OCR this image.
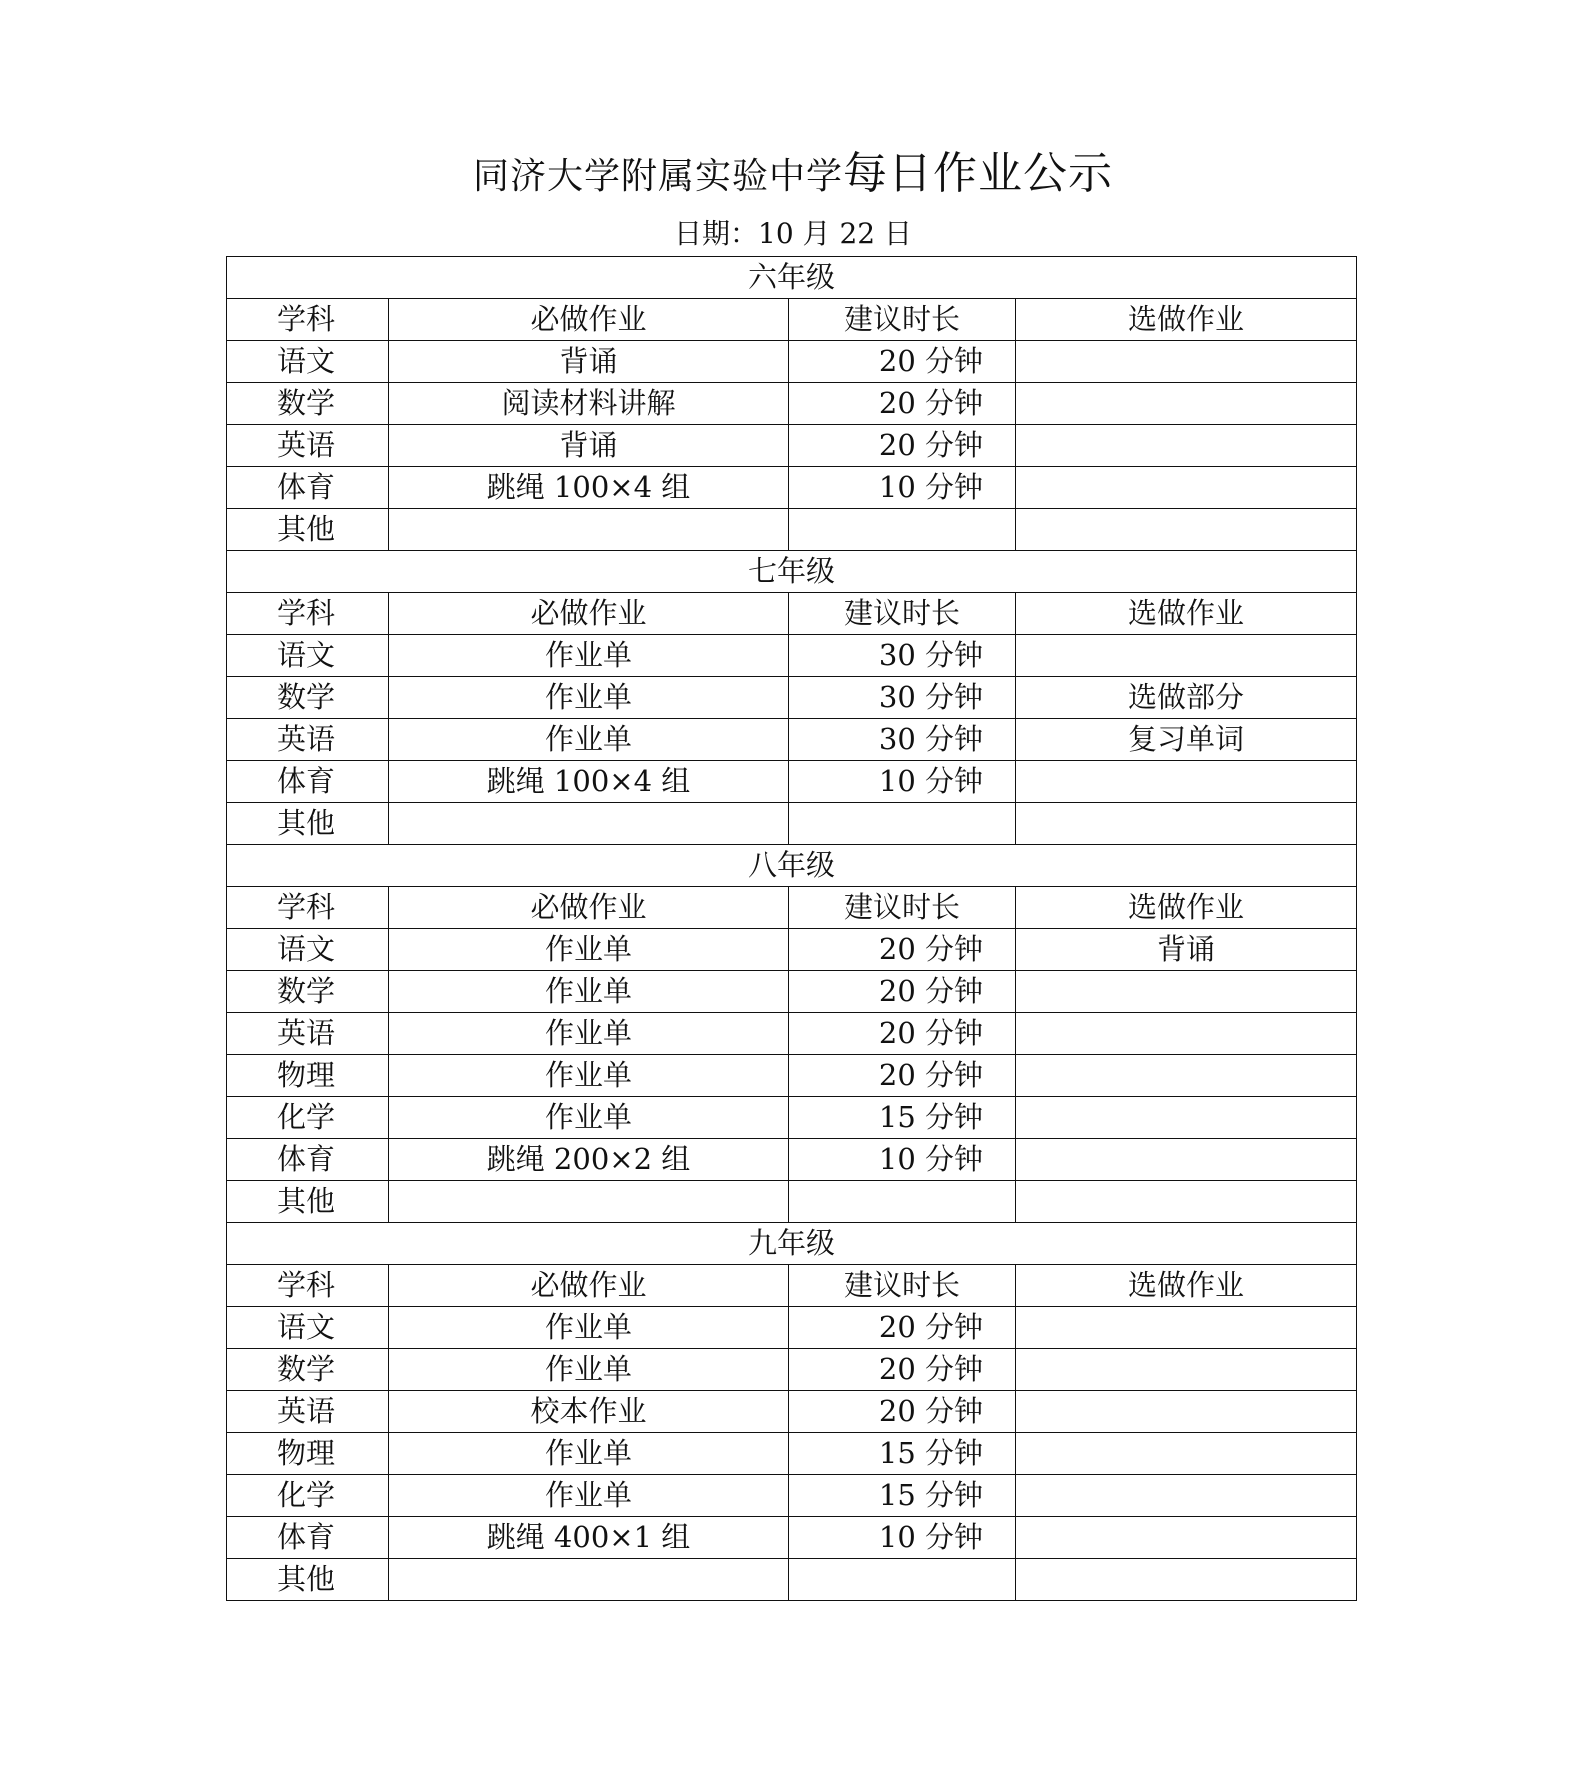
同济大学附属实验中学每日作业公示
日期：10 月 22 日
六年级			
学科	必做作业	建议时长	选做作业
语文	背诵	20 分钟	
数学	阅读材料讲解	20 分钟	
英语	背诵	20 分钟	
体育	跳绳 100×4 组	10 分钟	
其他			
七年级			
学科	必做作业	建议时长	选做作业
语文	作业单	30 分钟	
数学	作业单	30 分钟	选做部分
英语	作业单	30 分钟	复习单词
体育	跳绳 100×4 组	10 分钟	
其他			
八年级			
学科	必做作业	建议时长	选做作业
语文	作业单	20 分钟	背诵
数学	作业单	20 分钟	
英语	作业单	20 分钟	
物理	作业单	20 分钟	
化学	作业单	15 分钟	
体育	跳绳 200×2 组	10 分钟	
其他			
九年级			
学科	必做作业	建议时长	选做作业
语文	作业单	20 分钟	
数学	作业单	20 分钟	
英语	校本作业	20 分钟	
物理	作业单	15 分钟	
化学	作业单	15 分钟	
体育	跳绳 400×1 组	10 分钟	
其他			
